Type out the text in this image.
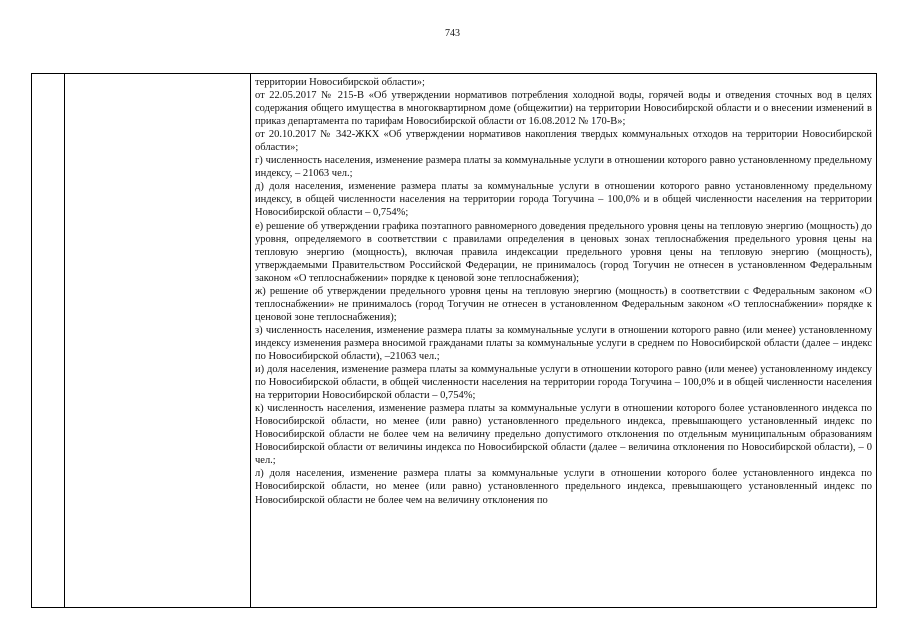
743

территории Новосибирской области»;

от 22.05.2017 № 215-В «Об утверждении нормативов потребления холодной воды, горячей воды и отведения сточных вод в целях содержания общего имущества в многоквартирном доме (общежитии) на территории Новосибирской области и о внесении изменений в приказ департамента по тарифам Новосибирской области от 16.08.2012 № 170-В»;

от 20.10.2017 № 342-ЖКХ «Об утверждении нормативов накопления твердых коммунальных отходов на территории Новосибирской области»;

г) численность населения, изменение размера платы за коммунальные услуги в отношении которого равно установленному предельному индексу, – 21063 чел.;

д) доля населения, изменение размера платы за коммунальные услуги в отношении которого равно установленному предельному индексу, в общей численности населения на территории города Тогучина – 100,0% и в общей численности населения на территории Новосибирской области – 0,754%;

е) решение об утверждении графика поэтапного равномерного доведения предельного уровня цены на тепловую энергию (мощность) до уровня, определяемого в соответствии с правилами определения в ценовых зонах теплоснабжения предельного уровня цены на тепловую энергию (мощность), включая правила индексации предельного уровня цены на тепловую энергию (мощность), утверждаемыми Правительством Российской Федерации, не принималось (город Тогучин не отнесен в установленном Федеральным законом «О теплоснабжении» порядке к ценовой зоне теплоснабжения);

ж) решение об утверждении предельного уровня цены на тепловую энергию (мощность) в соответствии с Федеральным законом «О теплоснабжении» не принималось (город Тогучин не отнесен в установленном Федеральным законом «О теплоснабжении» порядке к ценовой зоне теплоснабжения);

з) численность населения, изменение размера платы за коммунальные услуги в отношении которого равно (или менее) установленному индексу изменения размера вносимой гражданами платы за коммунальные услуги в среднем по Новосибирской области (далее – индекс по Новосибирской области), –21063 чел.;

и) доля населения, изменение размера платы за коммунальные услуги в отношении которого равно (или менее) установленному индексу по Новосибирской области, в общей численности населения на территории города Тогучина – 100,0% и в общей численности населения на территории Новосибирской области – 0,754%;

к) численность населения, изменение размера платы за коммунальные услуги в отношении которого более установленного индекса по Новосибирской области, но менее (или равно) установленного предельного индекса, превышающего установленный индекс по Новосибирской области не более чем на величину предельно допустимого отклонения по отдельным муниципальным образованиям Новосибирской области от величины индекса по Новосибирской области (далее – величина отклонения по Новосибирской области), – 0 чел.;

л) доля населения, изменение размера платы за коммунальные услуги в отношении которого более установленного индекса по Новосибирской области, но менее (или равно) установленного предельного индекса, превышающего установленный индекс по Новосибирской области не более чем на величину отклонения по
